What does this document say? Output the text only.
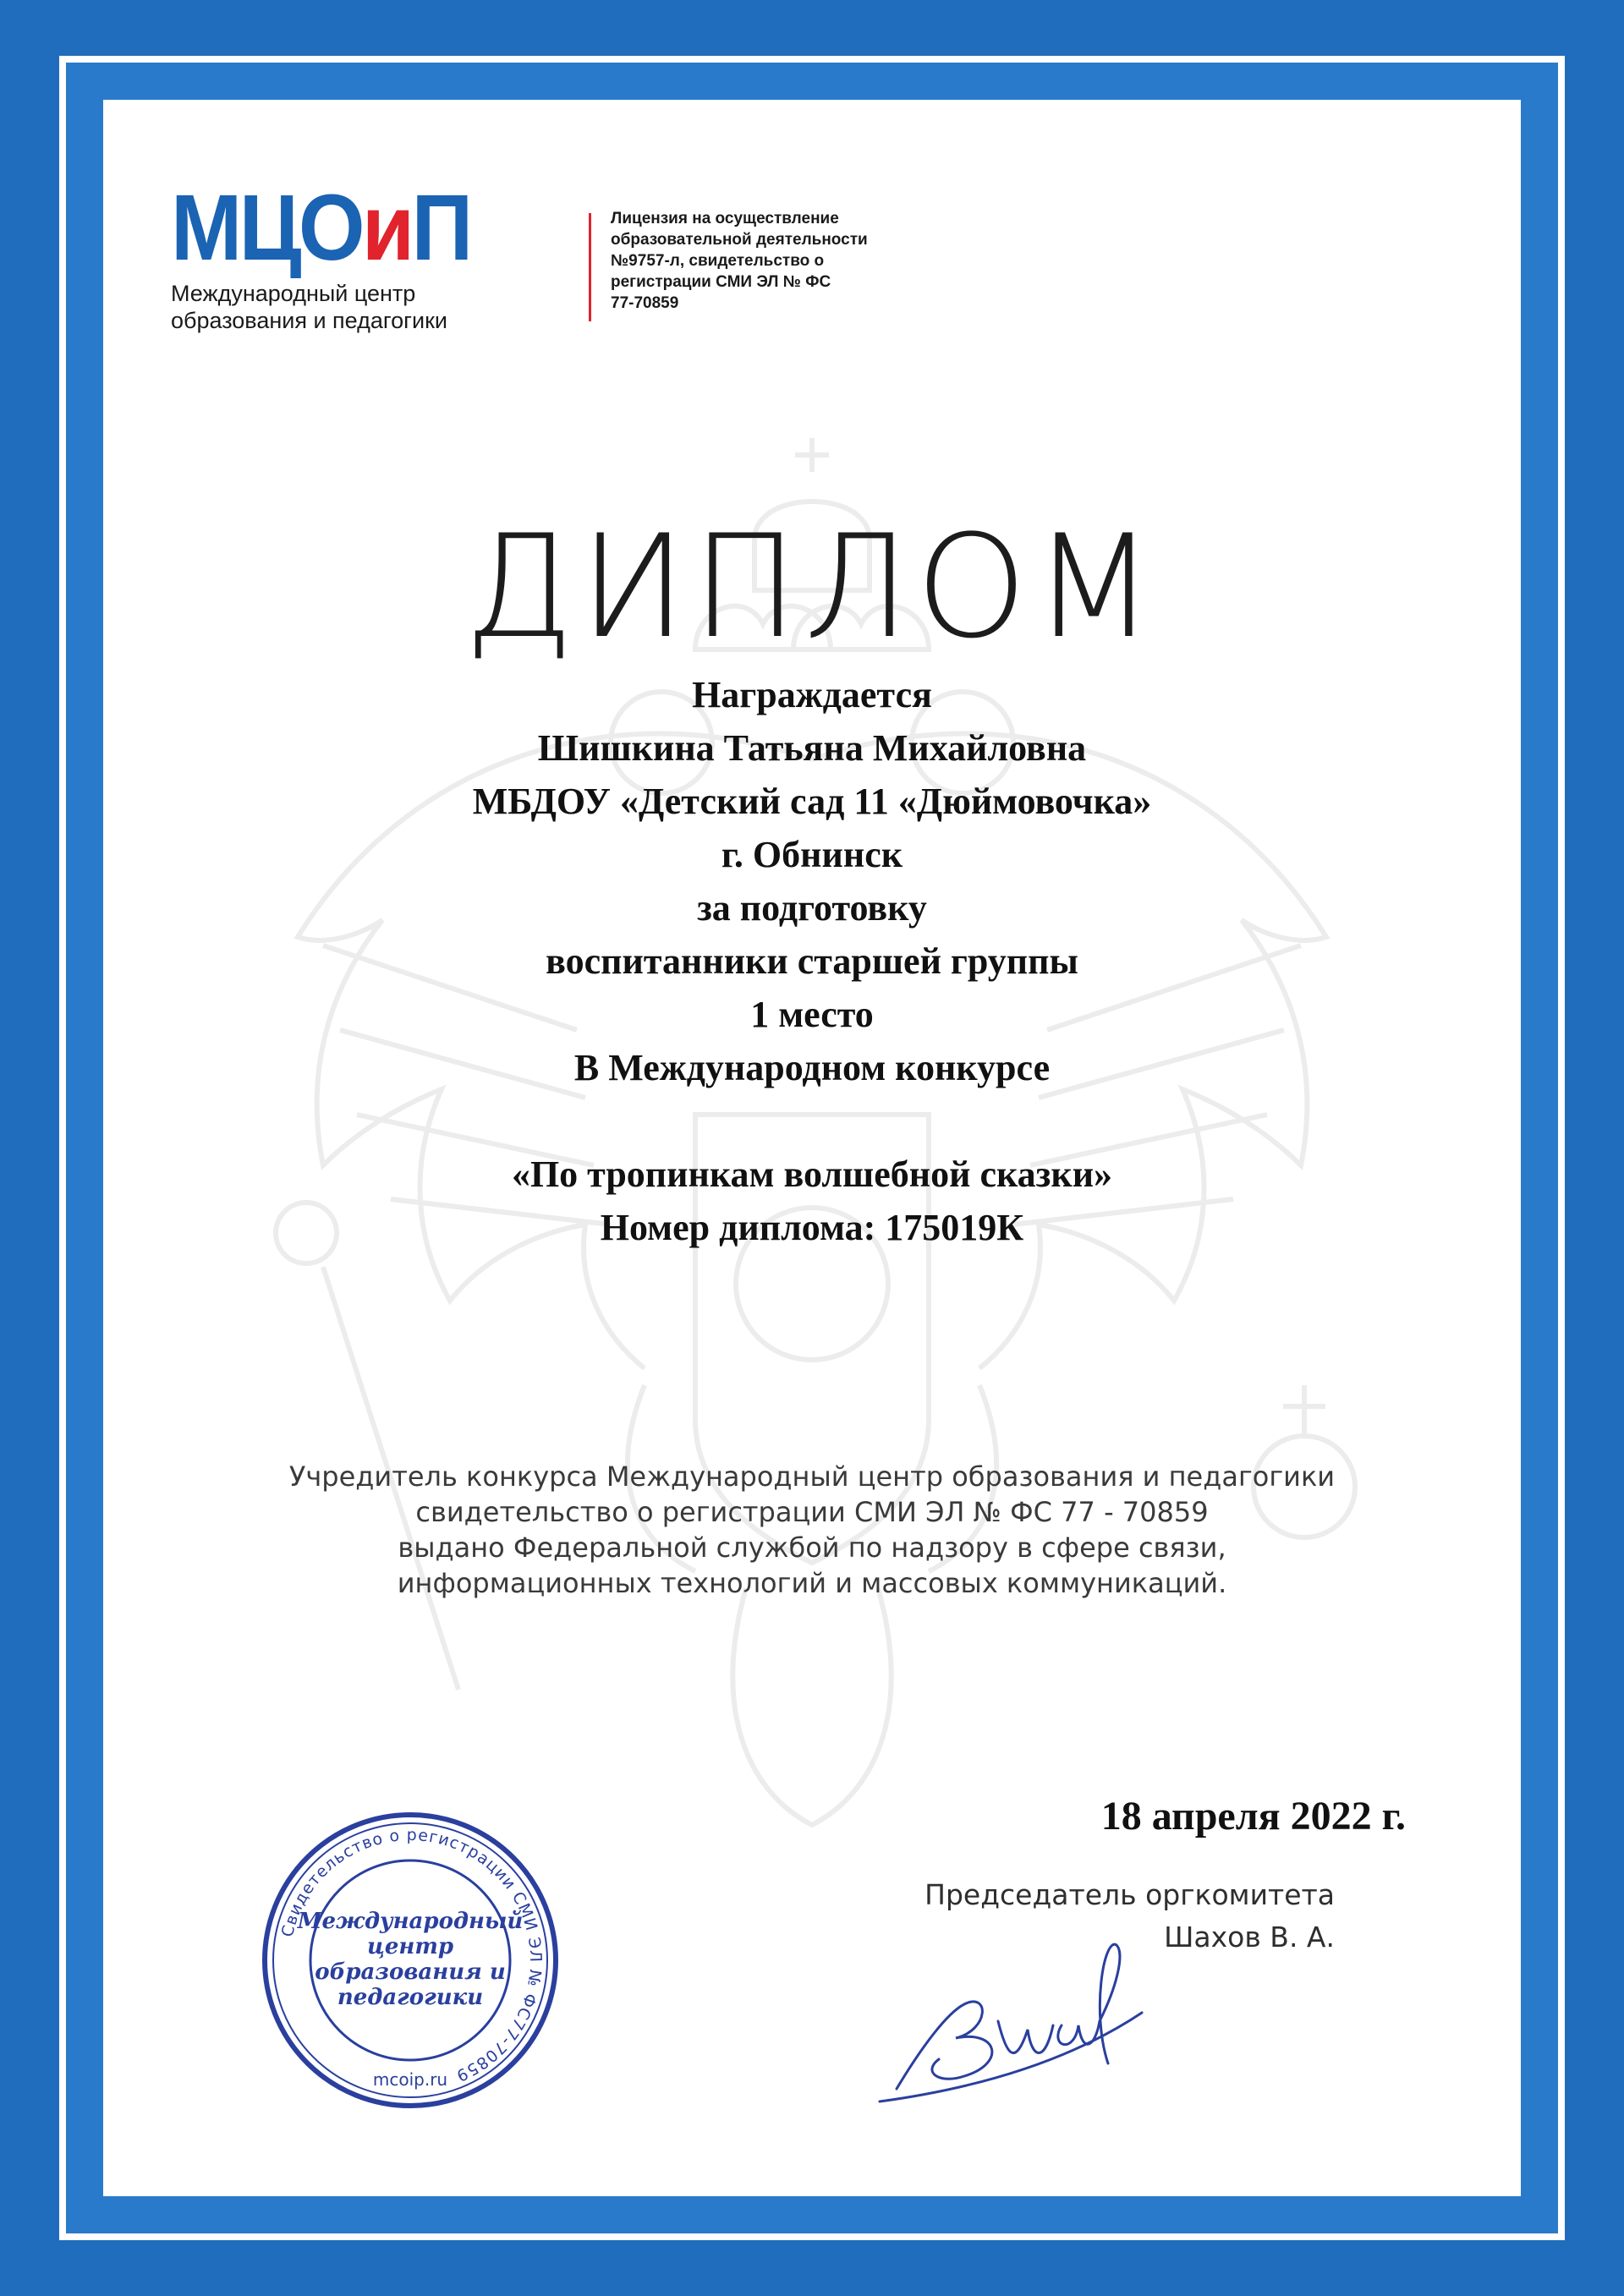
МЦОиП
Международный центр
образования и педагогики
Лицензия на осуществление
образовательной деятельности
№9757-л, свидетельство о
регистрации СМИ ЭЛ № ФС
77-70859
ДИПЛОМ
Награждается
Шишкина Татьяна Михайловна
МБДОУ «Детский сад 11 «Дюймовочка»
г. Обнинск
за подготовку
воспитанники старшей группы
1 место
В Международном конкурсе
«По тропинкам волшебной сказки»
Номер диплома: 175019К
Учредитель конкурса Международный центр образования и педагогики
свидетельство о регистрации СМИ ЭЛ № ФС 77 - 70859
выдано Федеральной службой по надзору в сфере связи,
информационных технологий и массовых коммуникаций.
18 апреля 2022 г.
Председатель оргкомитета
Шахов В. А.
Свидетельство о регистрации СМИ ЭЛ № ФС77-70859
Международный
центр
образования и
педагогики
mcoip.ru
